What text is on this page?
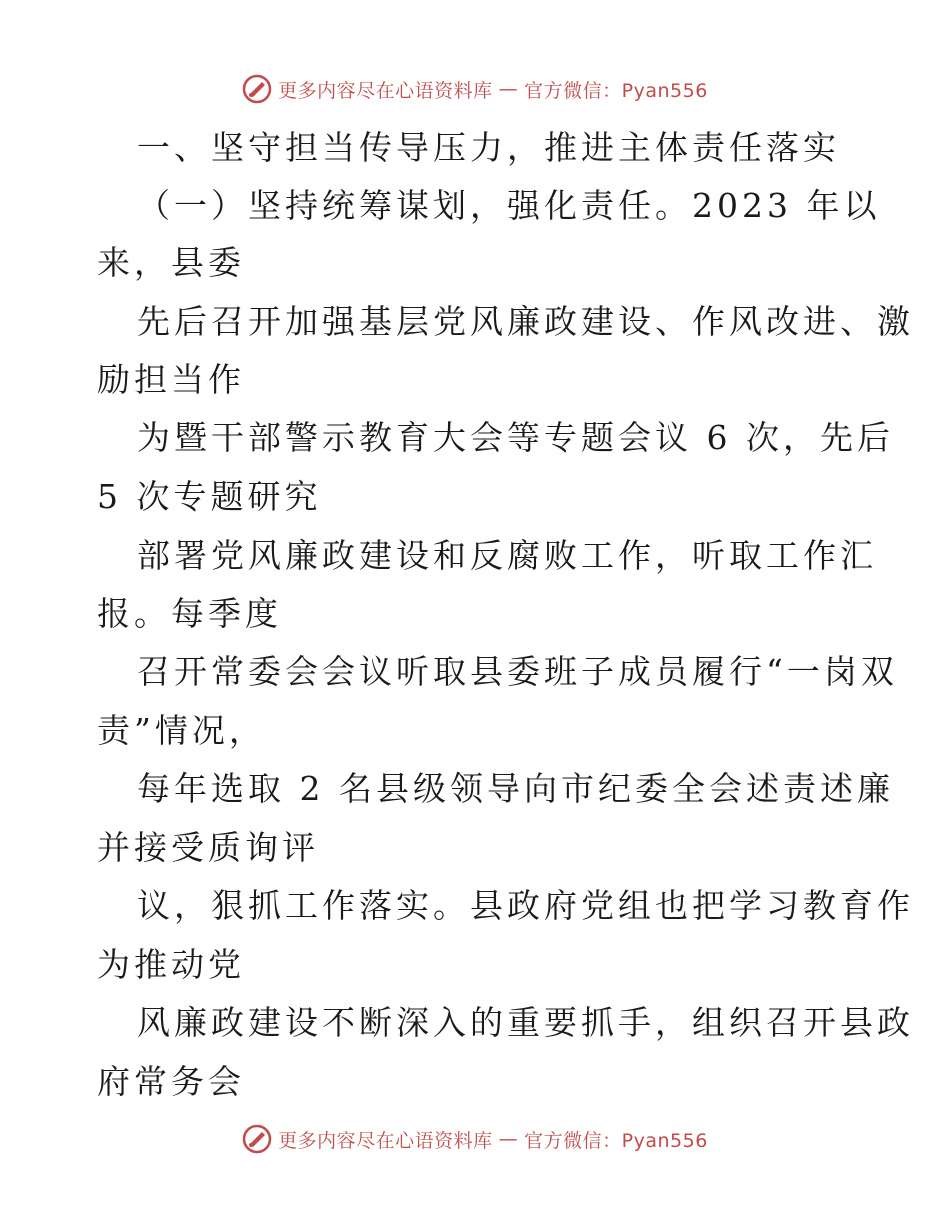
更多内容尽在心语资料库 — 官方微信：Pyan556
一、坚守担当传导压力，推进主体责任落实
（一）坚持统筹谋划，强化责任。2023 年以
来，县委
先后召开加强基层党风廉政建设、作风改进、激
励担当作
为暨干部警示教育大会等专题会议 6 次，先后
5 次专题研究
部署党风廉政建设和反腐败工作，听取工作汇
报。每季度
召开常委会会议听取县委班子成员履行“一岗双
责”情况，
每年选取 2 名县级领导向市纪委全会述责述廉
并接受质询评
议，狠抓工作落实。县政府党组也把学习教育作
为推动党
风廉政建设不断深入的重要抓手，组织召开县政
府常务会
更多内容尽在心语资料库 — 官方微信：Pyan556
